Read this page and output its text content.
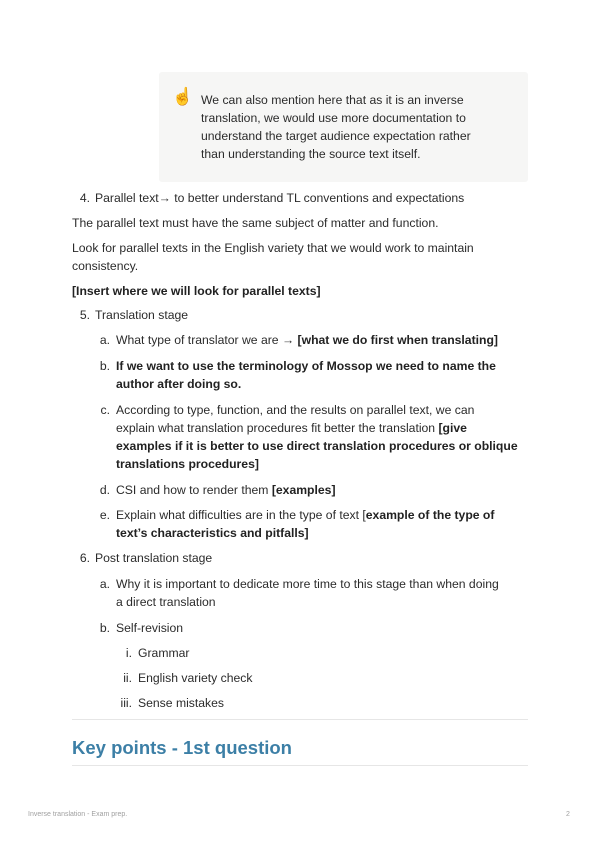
☝️ We can also mention here that as it is an inverse
translation, we would use more documentation to
understand the target audience expectation rather
than understanding the source text itself.
4. Parallel text→ to better understand TL conventions and expectations
The parallel text must have the same subject of matter and function.
Look for parallel texts in the English variety that we would work to maintain
consistency.
[Insert where we will look for parallel texts]
5. Translation stage
a. What type of translator we are → [what we do first when translating]
b. If we want to use the terminology of Mossop we need to name the
author after doing so.
c. According to type, function, and the results on parallel text, we can
explain what translation procedures fit better the translation [give
examples if it is better to use direct translation procedures or oblique
translations procedures]
d. CSI and how to render them [examples]
e. Explain what difficulties are in the type of text [example of the type of
text’s characteristics and pitfalls]
6. Post translation stage
a. Why it is important to dedicate more time to this stage than when doing
a direct translation
b. Self-revision
i. Grammar
ii. English variety check
iii. Sense mistakes
Key points - 1st question
Inverse translation - Exam prep.	2
